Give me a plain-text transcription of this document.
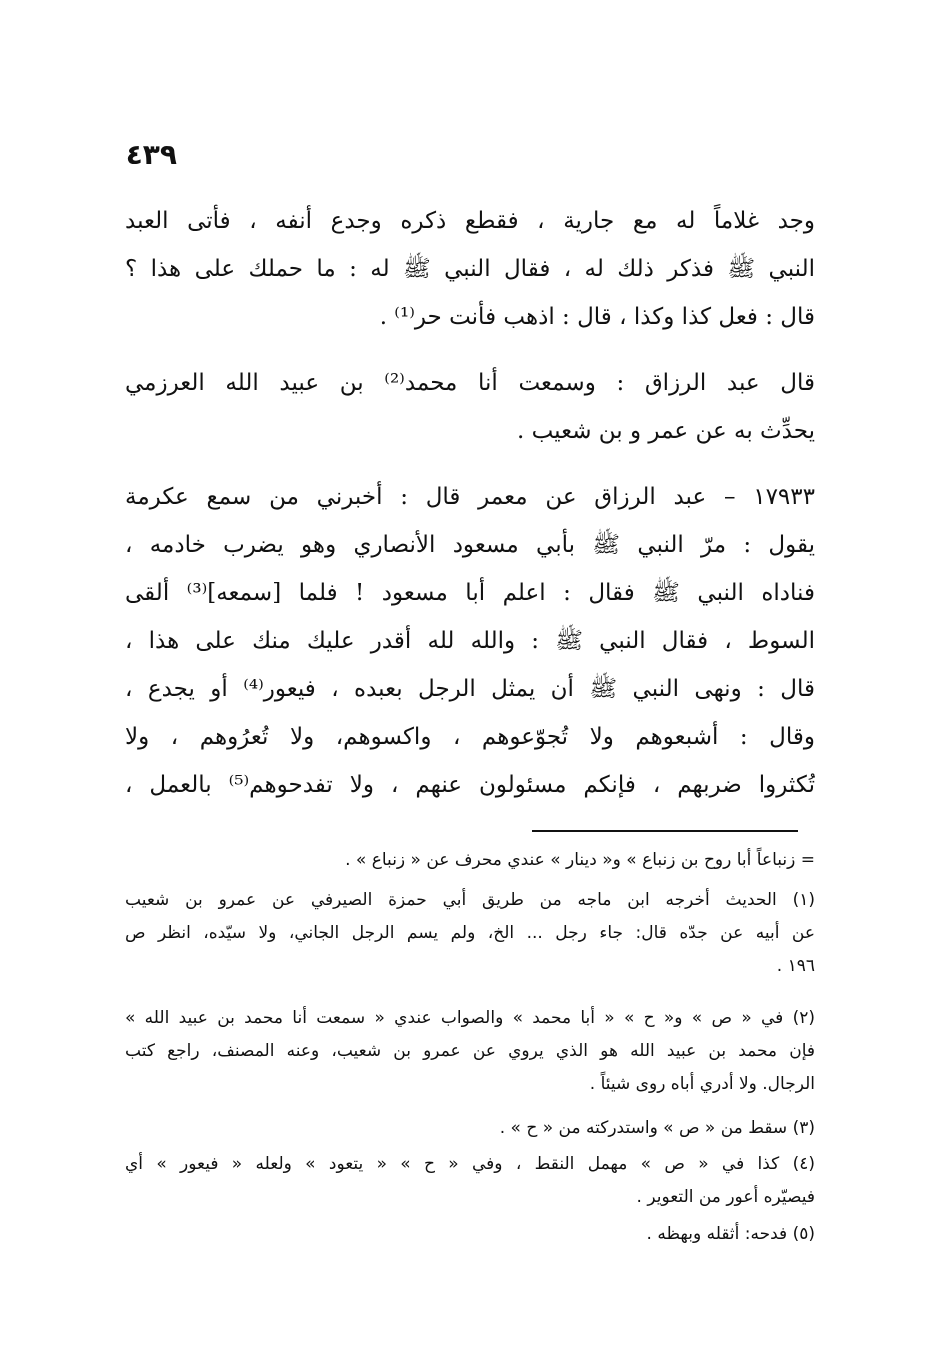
٤٣٩
وجد غلاماً له مع جارية ، فقطع ذكره وجدع أنفه ، فأتى العبد
النبي ﷺ فذكر ذلك له ، فقال النبي ﷺ له : ما حملك على هذا ؟
قال : فعل كذا وكذا ، قال : اذهب فأنت حر⁽¹⁾ .
قال عبد الرزاق : وسمعت أنا محمد⁽²⁾ بن عبيد الله العرزمي
يحدِّث به عن عمر و بن شعيب .
١٧٩٣٣ – عبد الرزاق عن معمر قال : أخبرني من سمع عكرمة
يقول : مرّ النبي ﷺ بأبي مسعود الأنصاري وهو يضرب خادمه ،
فناداه النبي ﷺ فقال : اعلم أبا مسعود ! فلما [سمعه]⁽³⁾ ألقى
السوط ، فقال النبي ﷺ : والله لله أقدر عليك منك على هذا ،
قال : ونهى النبي ﷺ أن يمثل الرجل بعبده ، فيعور⁽⁴⁾ أو يجدع ،
وقال : أشبعوهم ولا تُجوّعوهم ، واكسوهم، ولا تُعرُوهم ، ولا
تُكثروا ضربهم ، فإنكم مسئولون عنهم ، ولا تفدحوهم⁽⁵⁾ بالعمل ،
= زنباعاً أبا روح بن زنباع » و« دينار » عندي محرف عن « زنباع » .
(١) الحديث أخرجه ابن ماجه من طريق أبي حمزة الصيرفي عن عمرو بن شعيب
عن أبيه عن جدّه قال: جاء رجل ... الخ، ولم يسم الرجل الجاني، ولا سيّده، انظر ص
١٩٦ .
(٢) في « ص » و« ح » « أبا محمد » والصواب عندي « سمعت أنا محمد بن عبيد الله »
فإن محمد بن عبيد الله هو الذي يروي عن عمرو بن شعيب، وعنه المصنف، راجع كتب
الرجال. ولا أدري أباه روى شيئاً .
(٣) سقط من « ص » واستدركته من « ح » .
(٤) كذا في « ص » مهمل النقط ، وفي « ح » « يتعود » ولعله « فيعور » أي
فيصيّره أعور من التعوير .
(٥) فدحه: أثقله وبهظه .
